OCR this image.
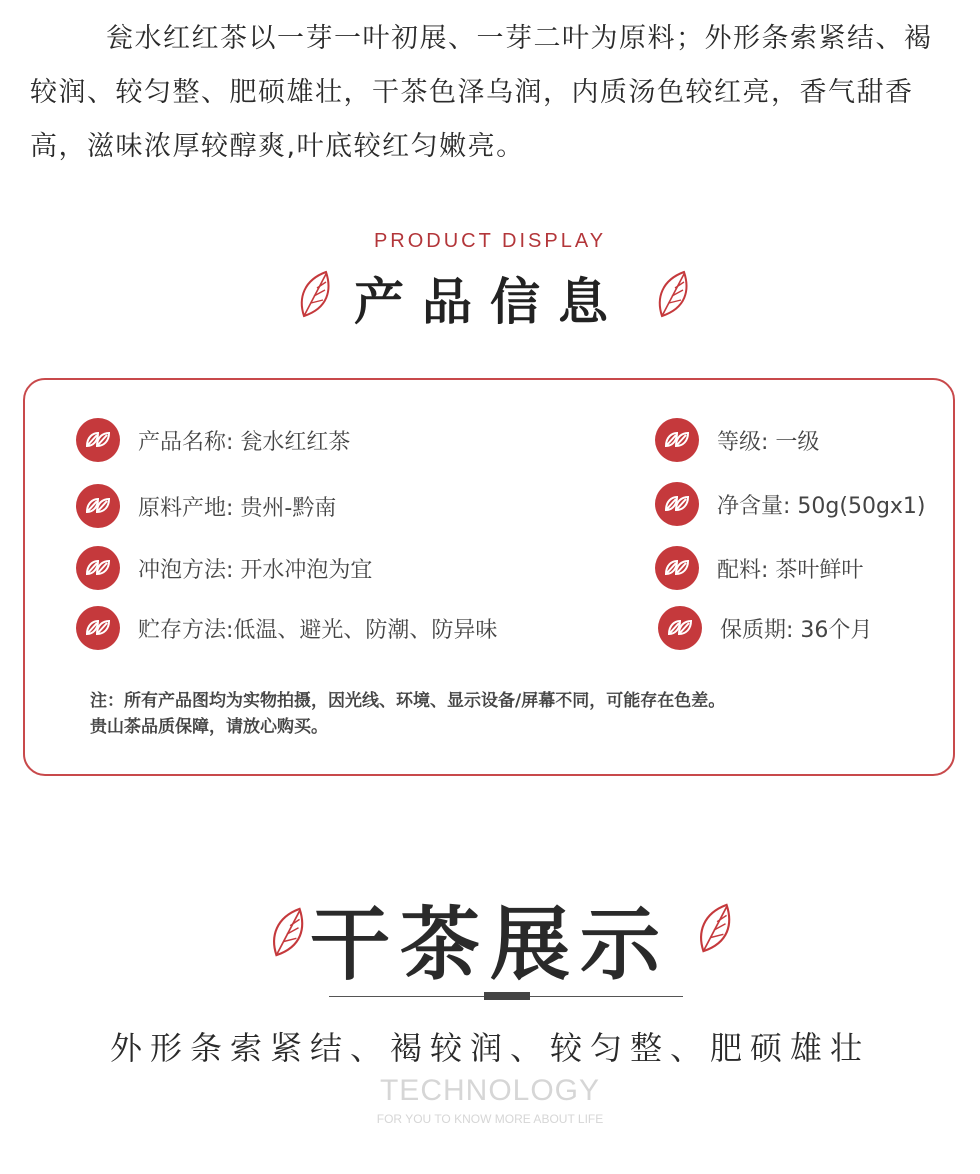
瓮水红红茶以一芽一叶初展、一芽二叶为原料；外形条索紧结、褐较润、较匀整、肥硕雄壮，干茶色泽乌润，内质汤色较红亮，香气甜香高，滋味浓厚较醇爽,叶底较红匀嫩亮。

PRODUCT DISPLAY
产品信息
产品名称: 瓮水红红茶
原料产地: 贵州-黔南
冲泡方法: 开水冲泡为宜
贮存方法:低温、避光、防潮、防异味
等级: 一级
净含量: 50g(50gx1)
配料: 茶叶鲜叶
保质期: 36个月
注：所有产品图均为实物拍摄，因光线、环境、显示设备/屏幕不同，可能存在色差。
贵山茶品质保障，请放心购买。
干茶展示
外形条索紧结、褐较润、较匀整、肥硕雄壮
TECHNOLOGY
FOR YOU TO KNOW MORE ABOUT LIFE
